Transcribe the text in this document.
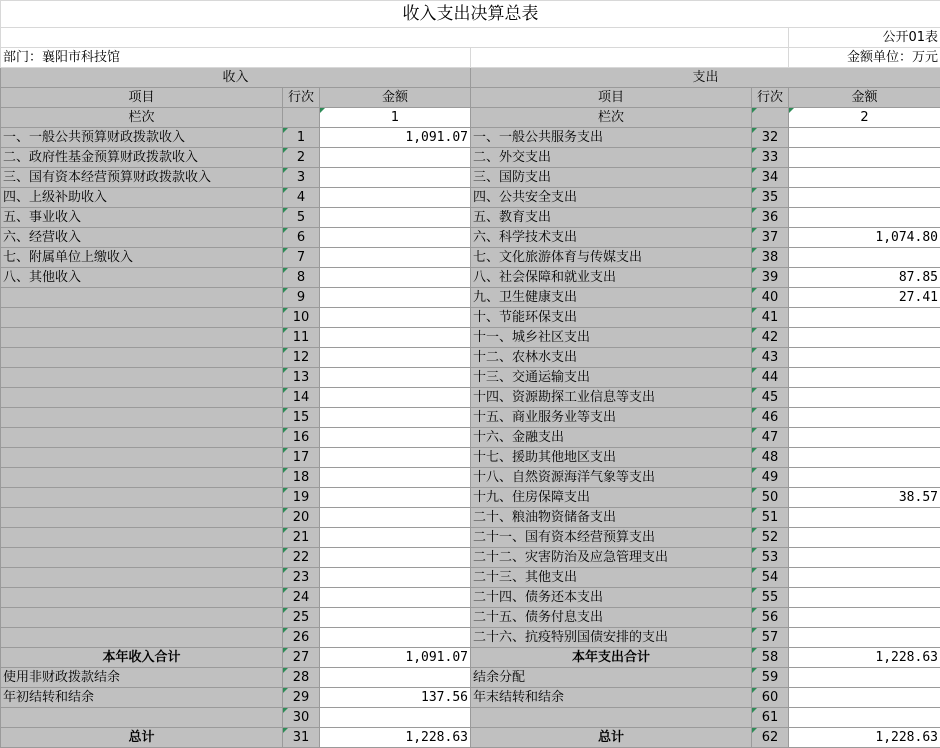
收入支出决算总表					
					公开01表
部门：襄阳市科技馆					金额单位：万元
收入			支出		
项目	行次	金额	项目	行次	金额
栏次		1	栏次		2
一、一般公共预算财政拨款收入	1	1,091.07	一、一般公共服务支出	32	
二、政府性基金预算财政拨款收入	2		二、外交支出	33	
三、国有资本经营预算财政拨款收入	3		三、国防支出	34	
四、上级补助收入	4		四、公共安全支出	35	
五、事业收入	5		五、教育支出	36	
六、经营收入	6		六、科学技术支出	37	1,074.80
七、附属单位上缴收入	7		七、文化旅游体育与传媒支出	38	
八、其他收入	8		八、社会保障和就业支出	39	87.85
	9		九、卫生健康支出	40	27.41
	10		十、节能环保支出	41	
	11		十一、城乡社区支出	42	
	12		十二、农林水支出	43	
	13		十三、交通运输支出	44	
	14		十四、资源勘探工业信息等支出	45	
	15		十五、商业服务业等支出	46	
	16		十六、金融支出	47	
	17		十七、援助其他地区支出	48	
	18		十八、自然资源海洋气象等支出	49	
	19		十九、住房保障支出	50	38.57
	20		二十、粮油物资储备支出	51	
	21		二十一、国有资本经营预算支出	52	
	22		二十二、灾害防治及应急管理支出	53	
	23		二十三、其他支出	54	
	24		二十四、债务还本支出	55	
	25		二十五、债务付息支出	56	
	26		二十六、抗疫特别国债安排的支出	57	
本年收入合计	27	1,091.07	本年支出合计	58	1,228.63
使用非财政拨款结余	28		结余分配	59	
年初结转和结余	29	137.56	年末结转和结余	60	
	30			61	
总计	31	1,228.63	总计	62	1,228.63
